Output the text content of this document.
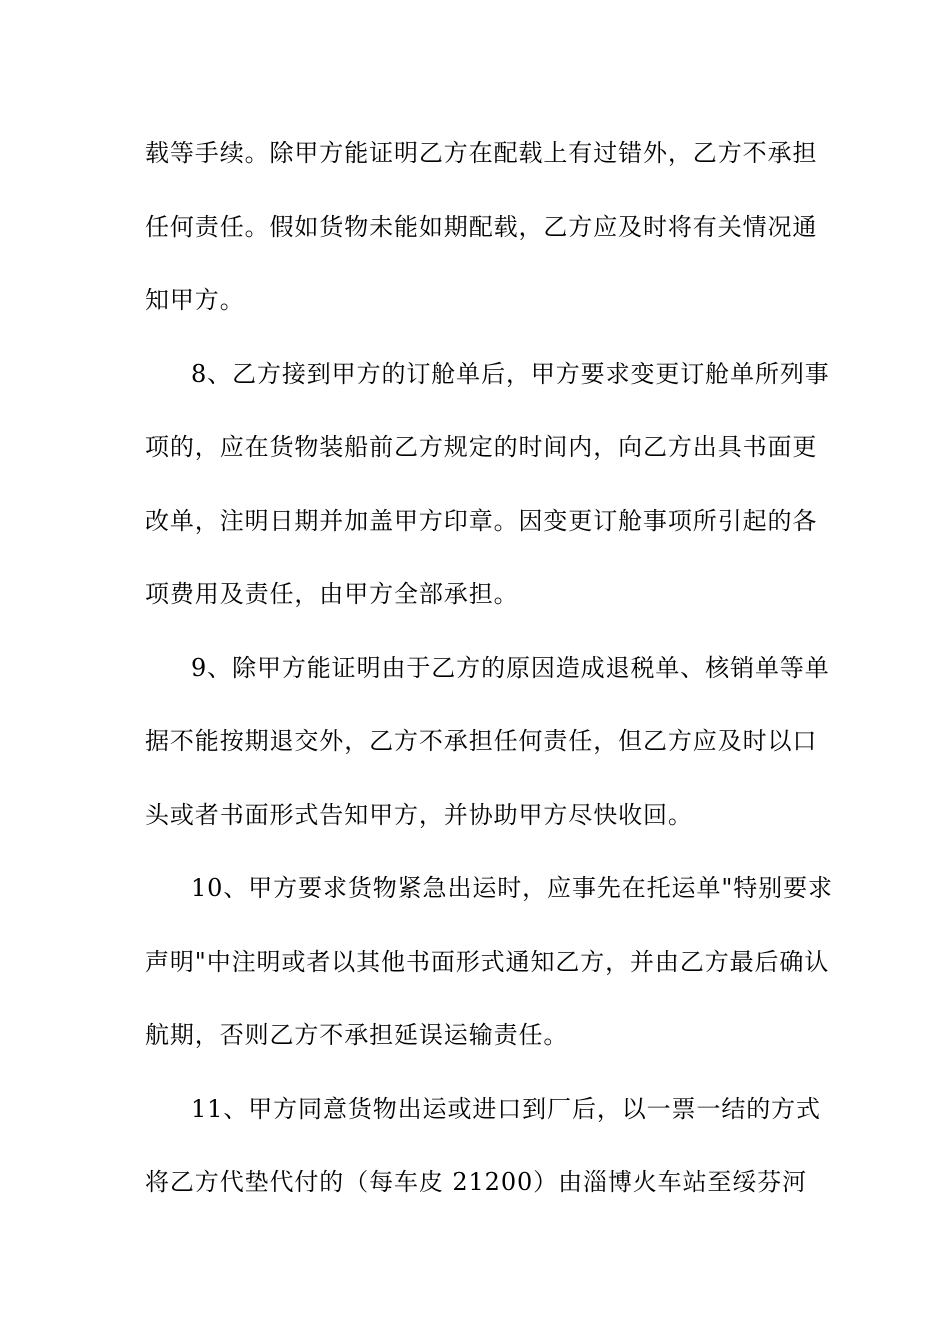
载等手续。除甲方能证明乙方在配载上有过错外，乙方不承担
任何责任。假如货物未能如期配载，乙方应及时将有关情况通
知甲方。
8、乙方接到甲方的订舱单后，甲方要求变更订舱单所列事
项的，应在货物装船前乙方规定的时间内，向乙方出具书面更
改单，注明日期并加盖甲方印章。因变更订舱事项所引起的各
项费用及责任，由甲方全部承担。
9、除甲方能证明由于乙方的原因造成退税单、核销单等单
据不能按期退交外，乙方不承担任何责任，但乙方应及时以口
头或者书面形式告知甲方，并协助甲方尽快收回。
10、甲方要求货物紧急出运时，应事先在托运单"特别要求
声明"中注明或者以其他书面形式通知乙方，并由乙方最后确认
航期，否则乙方不承担延误运输责任。
11、甲方同意货物出运或进口到厂后，以一票一结的方式
将乙方代垫代付的（每车皮 21200）由淄博火车站至绥芬河
